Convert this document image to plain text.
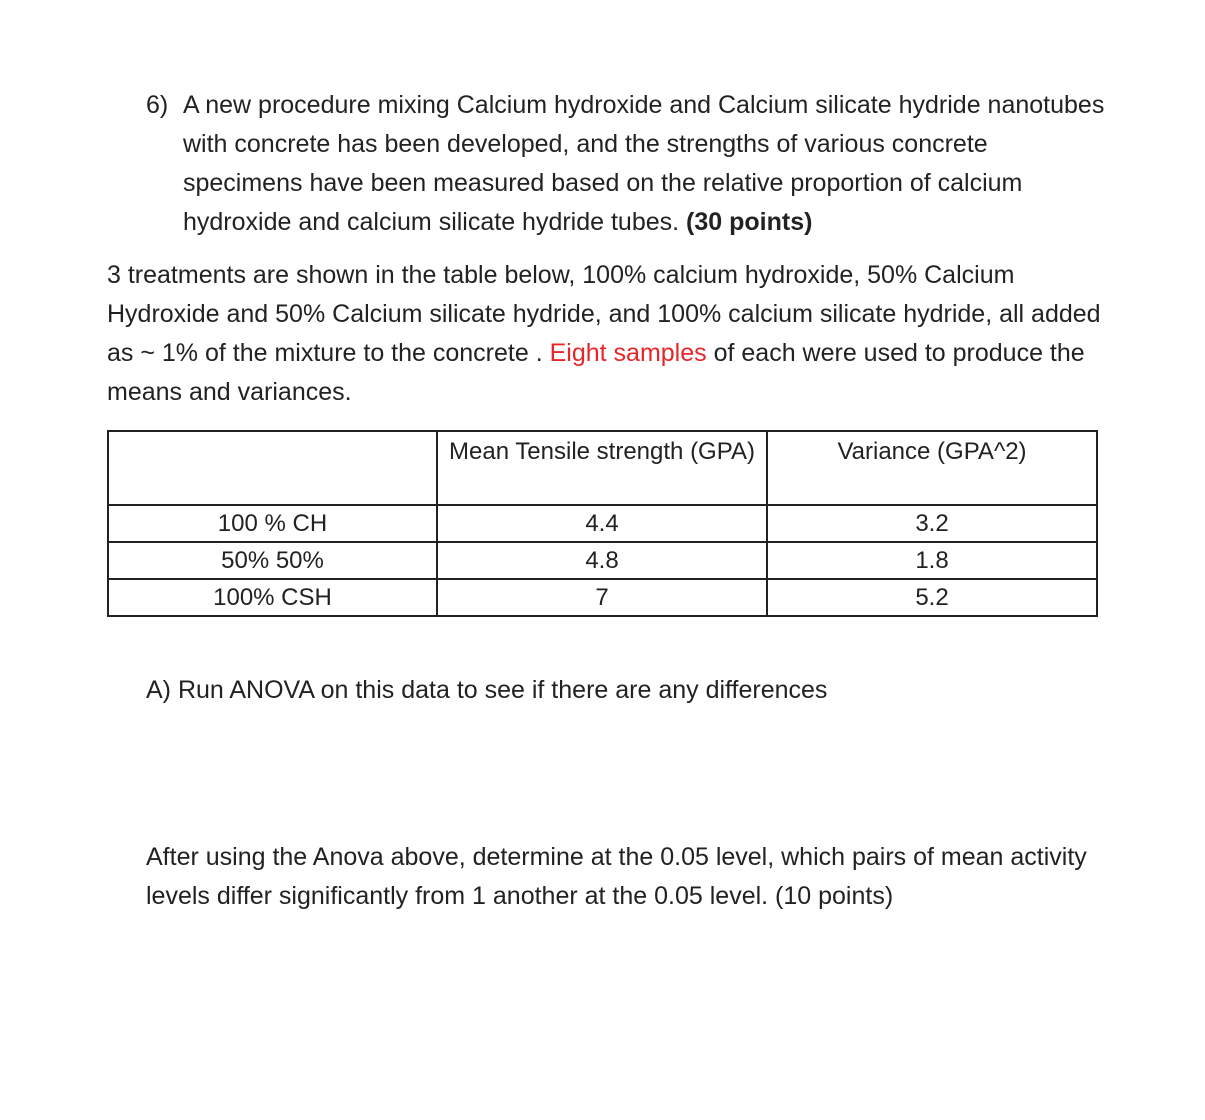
6) A new procedure mixing Calcium hydroxide and Calcium silicate hydride nanotubes with concrete has been developed, and the strengths of various concrete specimens have been measured based on the relative proportion of calcium hydroxide and calcium silicate hydride tubes. (30 points)
3 treatments are shown in the table below, 100% calcium hydroxide, 50% Calcium Hydroxide and 50% Calcium silicate hydride, and 100% calcium silicate hydride, all added as ~ 1% of the mixture to the concrete . Eight samples of each were used to produce the means and variances.
	Mean Tensile strength (GPA)	Variance (GPA^2)
100 % CH	4.4	3.2
50% 50%	4.8	1.8
100% CSH	7	5.2
A) Run ANOVA on this data to see if there are any differences
After using the Anova above, determine at the 0.05 level, which pairs of mean activity levels differ significantly from 1 another at the 0.05 level. (10 points)
